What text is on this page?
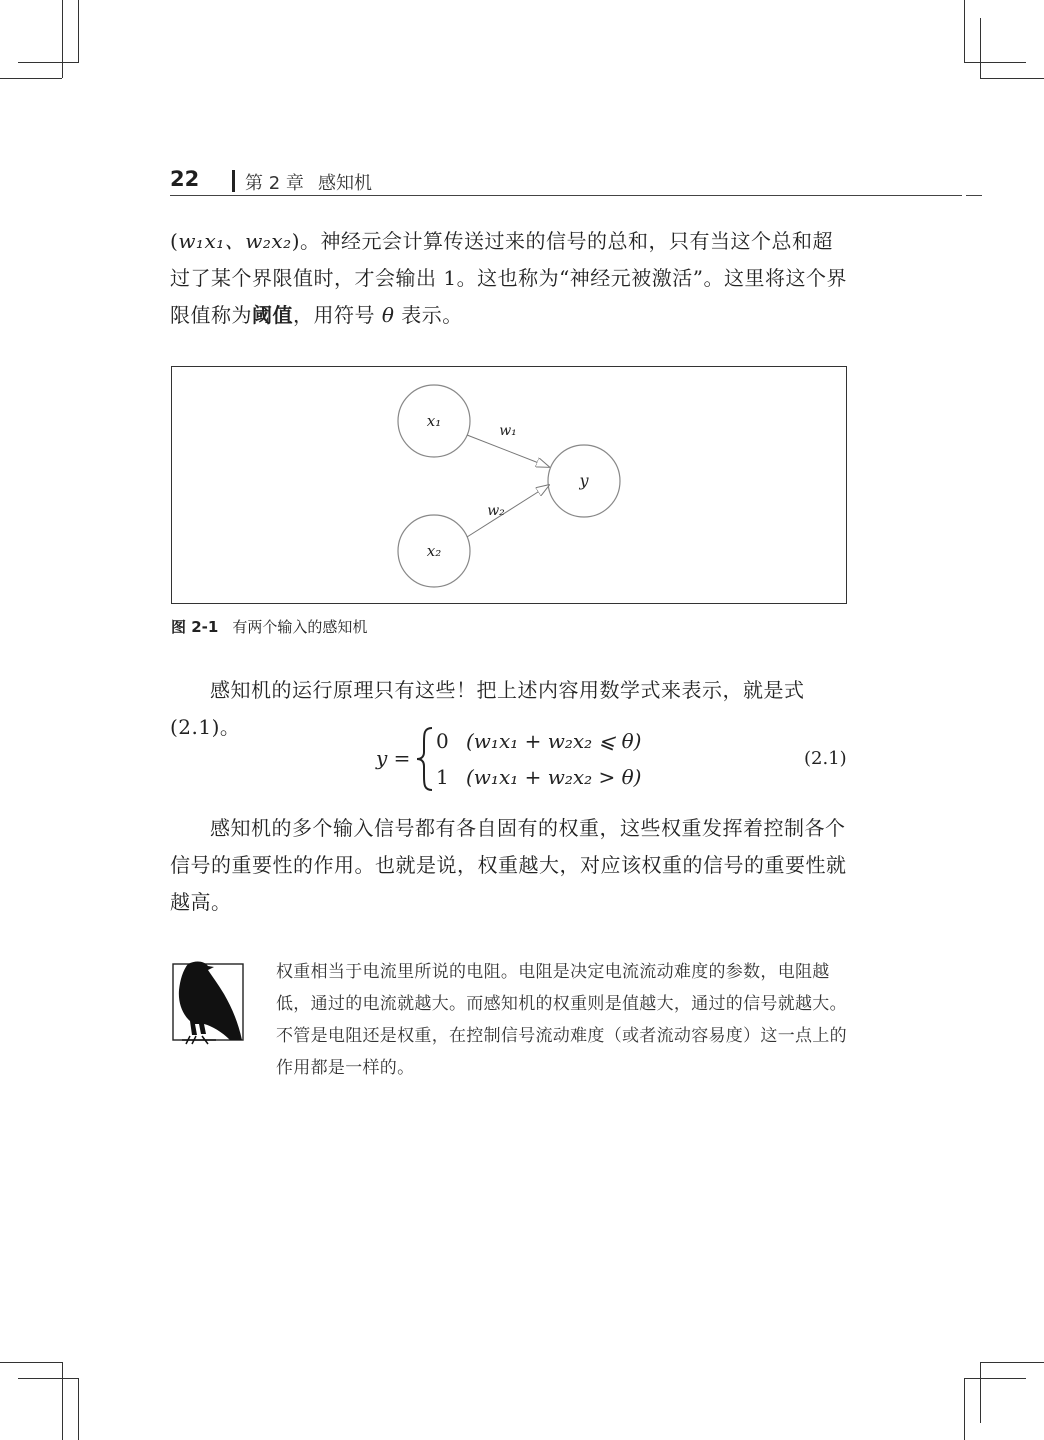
22	第 2 章 感知机
(w₁x₁、w₂x₂)。神经元会计算传送过来的信号的总和，只有当这个总和超过了某个界限值时，才会输出 1。这也称为“神经元被激活”。这里将这个界限值称为阈值，用符号 θ 表示。
x₁
x₂
y
w₁
w₂
图 2-1 有两个输入的感知机
感知机的运行原理只有这些！把上述内容用数学式来表示，就是式 (2.1)。
y =
0 (w₁x₁ + w₂x₂ ⩽ θ)
1 (w₁x₁ + w₂x₂ > θ)
(2.1)
感知机的多个输入信号都有各自固有的权重，这些权重发挥着控制各个信号的重要性的作用。也就是说，权重越大，对应该权重的信号的重要性就越高。
权重相当于电流里所说的电阻。电阻是决定电流流动难度的参数，电阻越低，通过的电流就越大。而感知机的权重则是值越大，通过的信号就越大。不管是电阻还是权重，在控制信号流动难度（或者流动容易度）这一点上的作用都是一样的。
